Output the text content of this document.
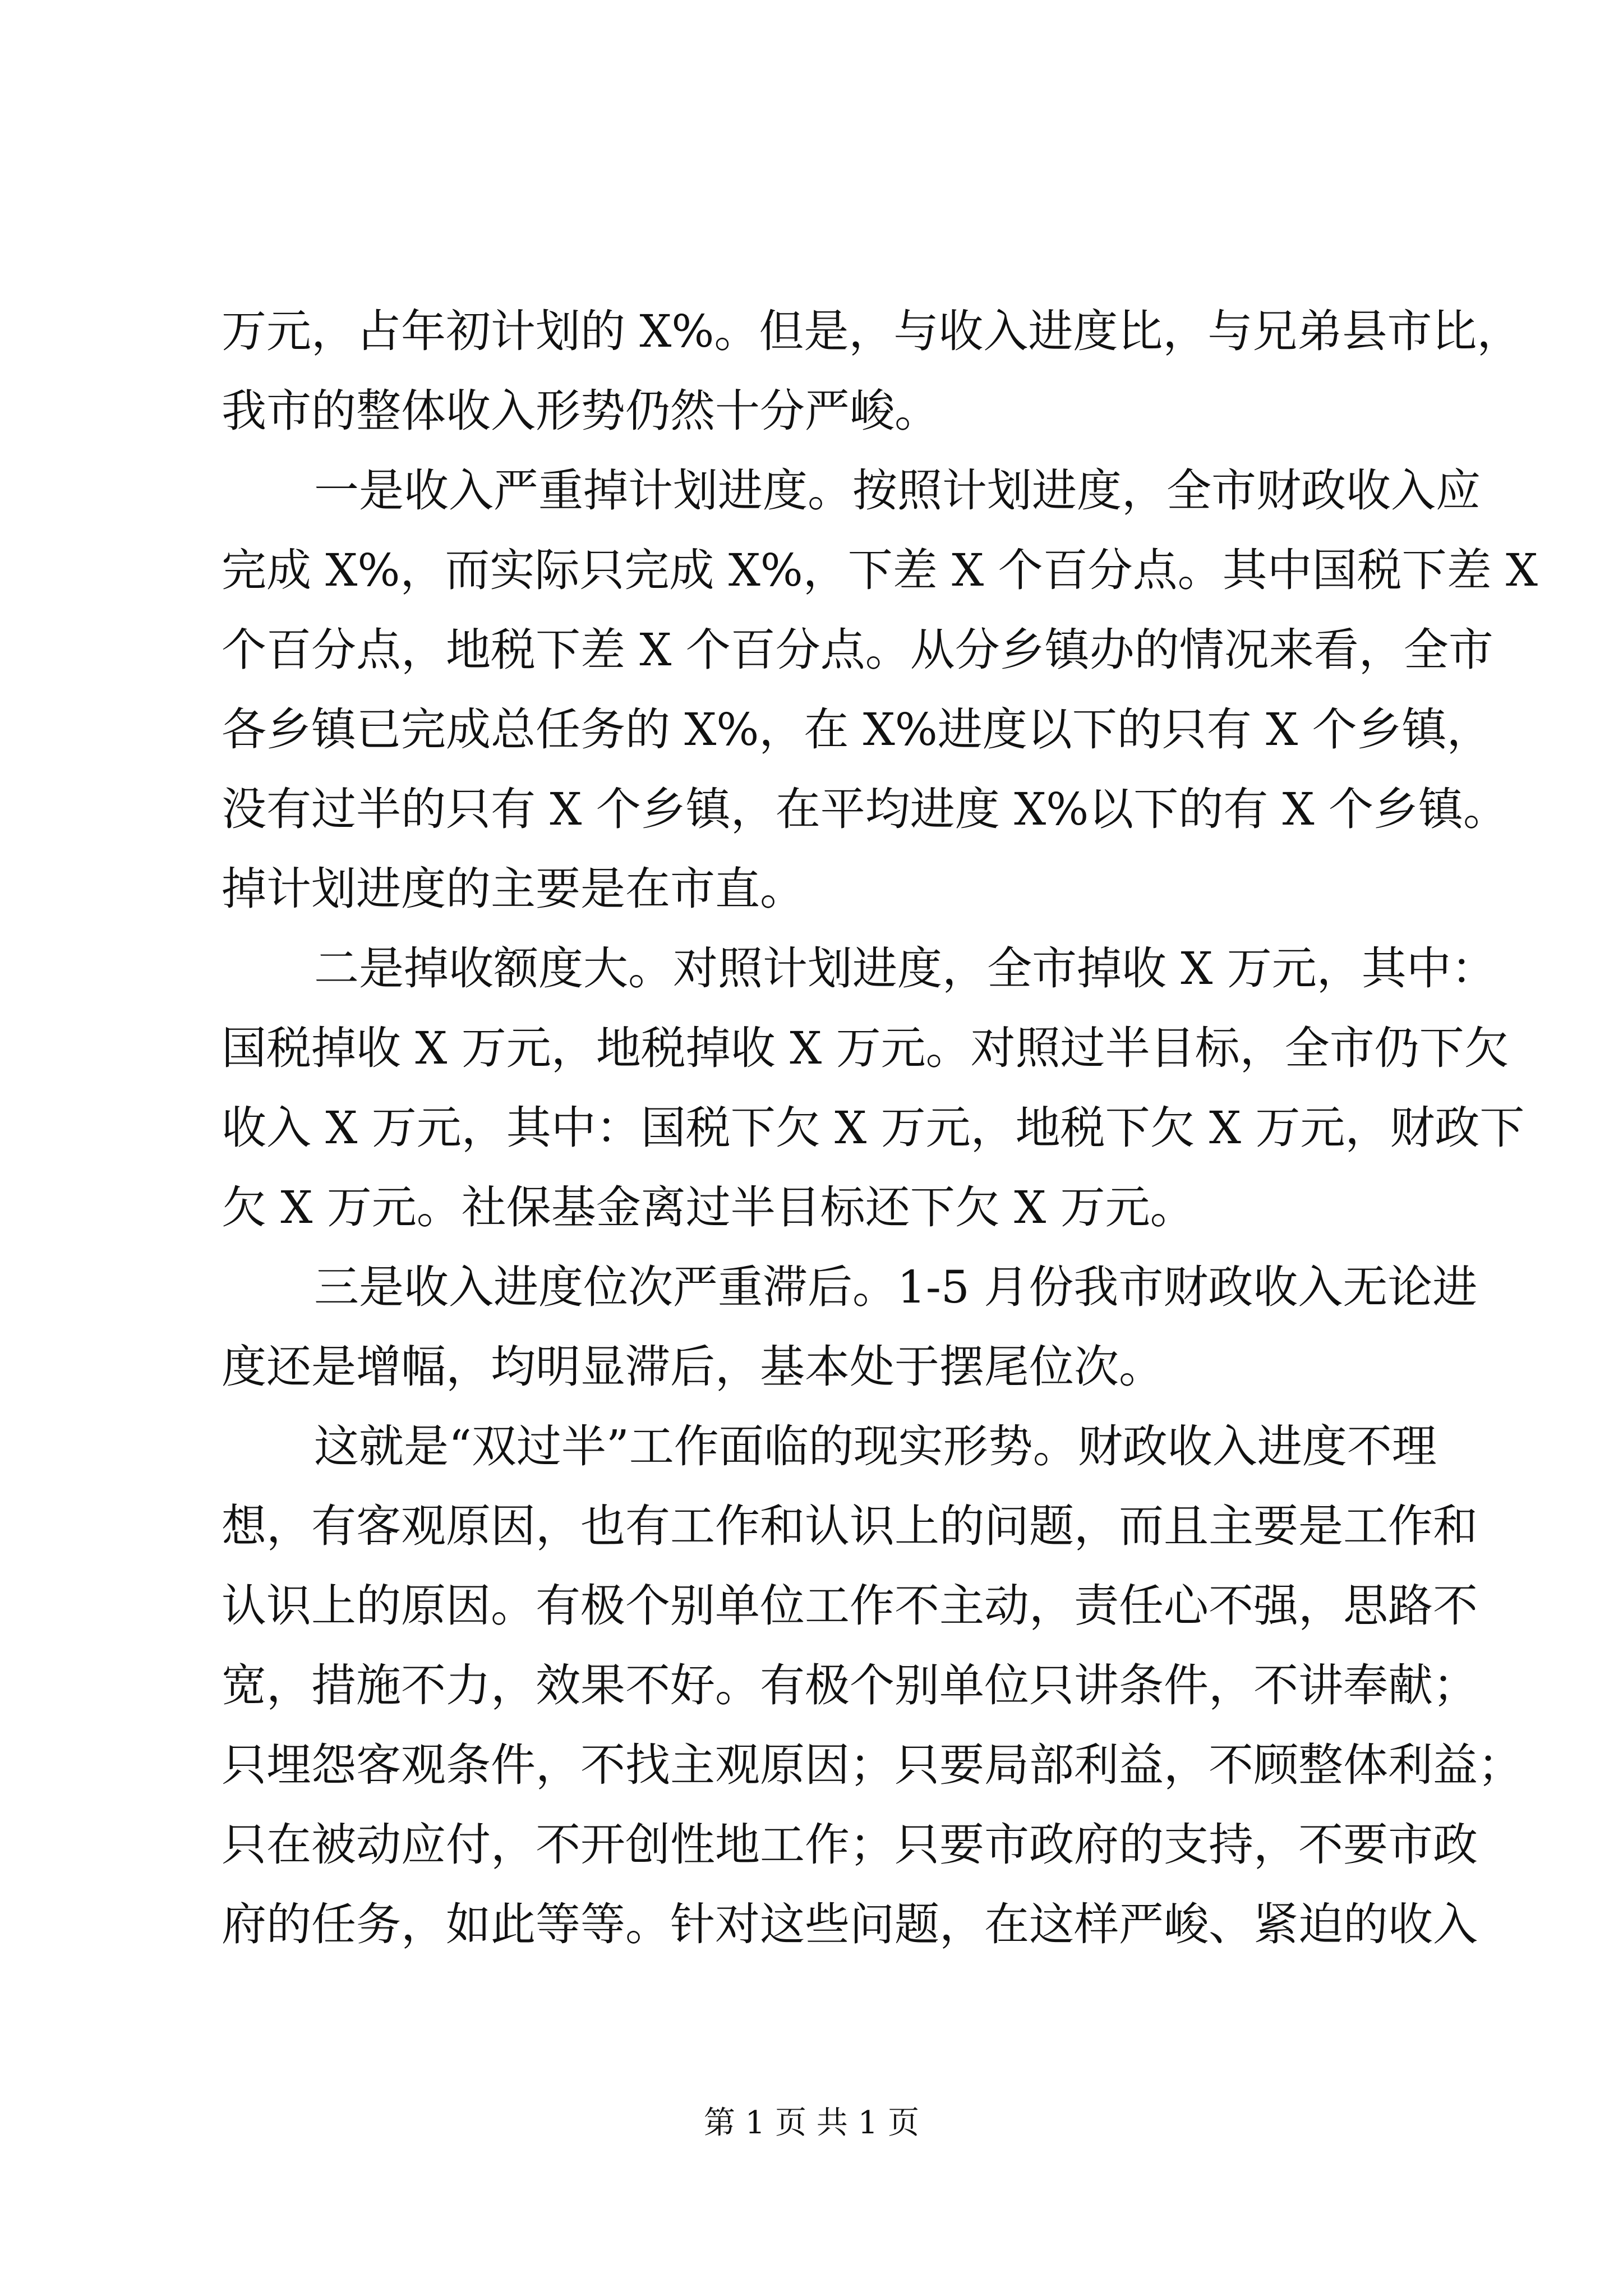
万元，占年初计划的 X%。但是，与收入进度比，与兄弟县市比，
我市的整体收入形势仍然十分严峻。
一是收入严重掉计划进度。按照计划进度，全市财政收入应
完成 X%，而实际只完成 X%，下差 X 个百分点。其中国税下差 X
个百分点，地税下差 X 个百分点。从分乡镇办的情况来看，全市
各乡镇已完成总任务的 X%，在 X%进度以下的只有 X 个乡镇，
没有过半的只有 X 个乡镇，在平均进度 X%以下的有 X 个乡镇。
掉计划进度的主要是在市直。
二是掉收额度大。对照计划进度，全市掉收 X 万元，其中：
国税掉收 X 万元，地税掉收 X 万元。对照过半目标，全市仍下欠
收入 X 万元，其中：国税下欠 X 万元，地税下欠 X 万元，财政下
欠 X 万元。社保基金离过半目标还下欠 X 万元。
三是收入进度位次严重滞后。1-5 月份我市财政收入无论进
度还是增幅，均明显滞后，基本处于摆尾位次。
这就是“双过半”工作面临的现实形势。财政收入进度不理
想，有客观原因，也有工作和认识上的问题，而且主要是工作和
认识上的原因。有极个别单位工作不主动，责任心不强，思路不
宽，措施不力，效果不好。有极个别单位只讲条件，不讲奉献；
只埋怨客观条件，不找主观原因；只要局部利益，不顾整体利益；
只在被动应付，不开创性地工作；只要市政府的支持，不要市政
府的任务，如此等等。针对这些问题，在这样严峻、紧迫的收入
第 1 页 共 1 页
